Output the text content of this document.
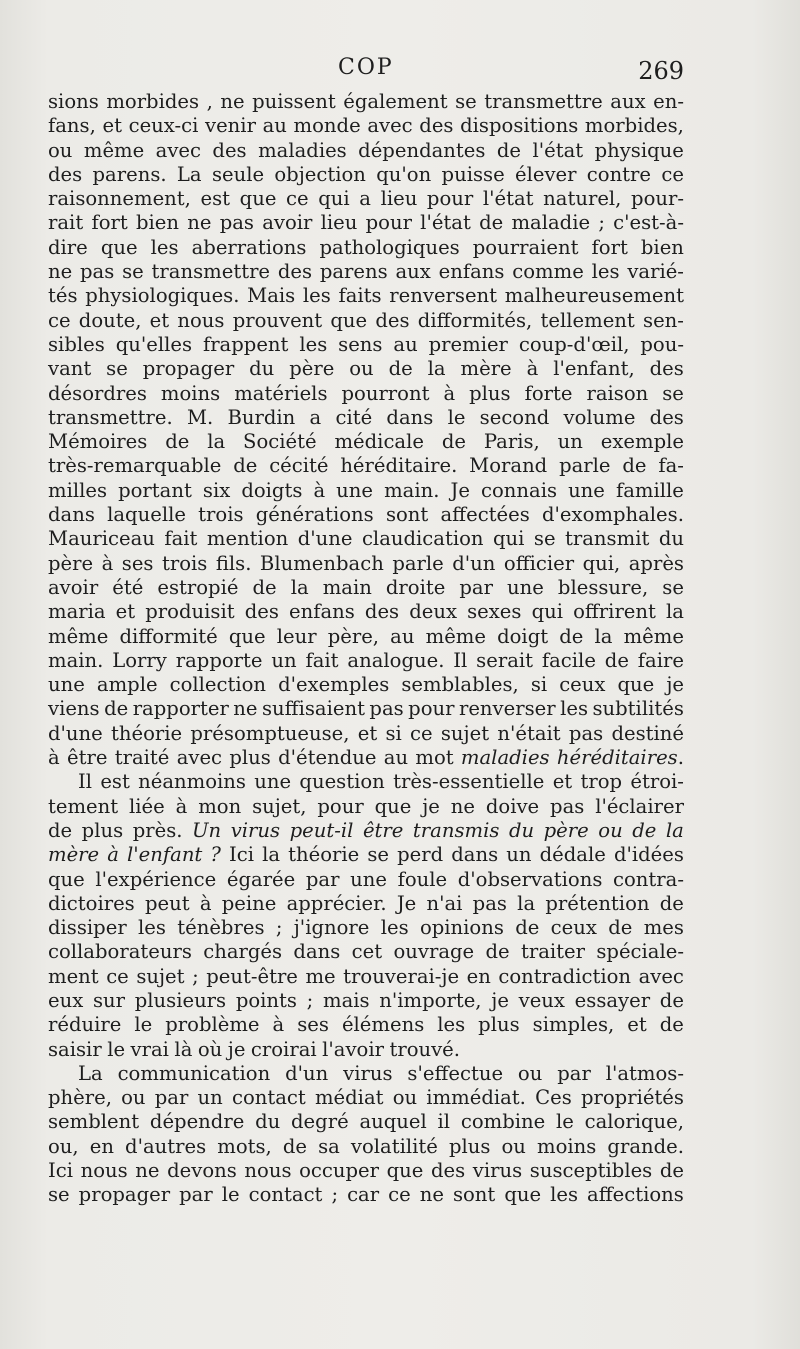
COP	269
sions morbides , ne puissent également se transmettre aux en-
fans, et ceux-ci venir au monde avec des dispositions morbides,
ou même avec des maladies dépendantes de l'état physique
des parens. La seule objection qu'on puisse élever contre ce
raisonnement, est que ce qui a lieu pour l'état naturel, pour-
rait fort bien ne pas avoir lieu pour l'état de maladie ; c'est-à-
dire que les aberrations pathologiques pourraient fort bien
ne pas se transmettre des parens aux enfans comme les varié-
tés physiologiques. Mais les faits renversent malheureusement
ce doute, et nous prouvent que des difformités, tellement sen-
sibles qu'elles frappent les sens au premier coup-d'œil, pou-
vant se propager du père ou de la mère à l'enfant, des
désordres moins matériels pourront à plus forte raison se
transmettre. M. Burdin a cité dans le second volume des
Mémoires de la Société médicale de Paris, un exemple
très-remarquable de cécité héréditaire. Morand parle de fa-
milles portant six doigts à une main. Je connais une famille
dans laquelle trois générations sont affectées d'exomphales.
Mauriceau fait mention d'une claudication qui se transmit du
père à ses trois fils. Blumenbach parle d'un officier qui, après
avoir été estropié de la main droite par une blessure, se
maria et produisit des enfans des deux sexes qui offrirent la
même difformité que leur père, au même doigt de la même
main. Lorry rapporte un fait analogue. Il serait facile de faire
une ample collection d'exemples semblables, si ceux que je
viens de rapporter ne suffisaient pas pour renverser les subtilités
d'une théorie présomptueuse, et si ce sujet n'était pas destiné
à être traité avec plus d'étendue au mot maladies héréditaires.
Il est néanmoins une question très-essentielle et trop étroi-
tement liée à mon sujet, pour que je ne doive pas l'éclairer
de plus près. Un virus peut-il être transmis du père ou de la
mère à l'enfant ? Ici la théorie se perd dans un dédale d'idées
que l'expérience égarée par une foule d'observations contra-
dictoires peut à peine apprécier. Je n'ai pas la prétention de
dissiper les ténèbres ; j'ignore les opinions de ceux de mes
collaborateurs chargés dans cet ouvrage de traiter spéciale-
ment ce sujet ; peut-être me trouverai-je en contradiction avec
eux sur plusieurs points ; mais n'importe, je veux essayer de
réduire le problème à ses élémens les plus simples, et de
saisir le vrai là où je croirai l'avoir trouvé.
La communication d'un virus s'effectue ou par l'atmos-
phère, ou par un contact médiat ou immédiat. Ces propriétés
semblent dépendre du degré auquel il combine le calorique,
ou, en d'autres mots, de sa volatilité plus ou moins grande.
Ici nous ne devons nous occuper que des virus susceptibles de
se propager par le contact ; car ce ne sont que les affections
